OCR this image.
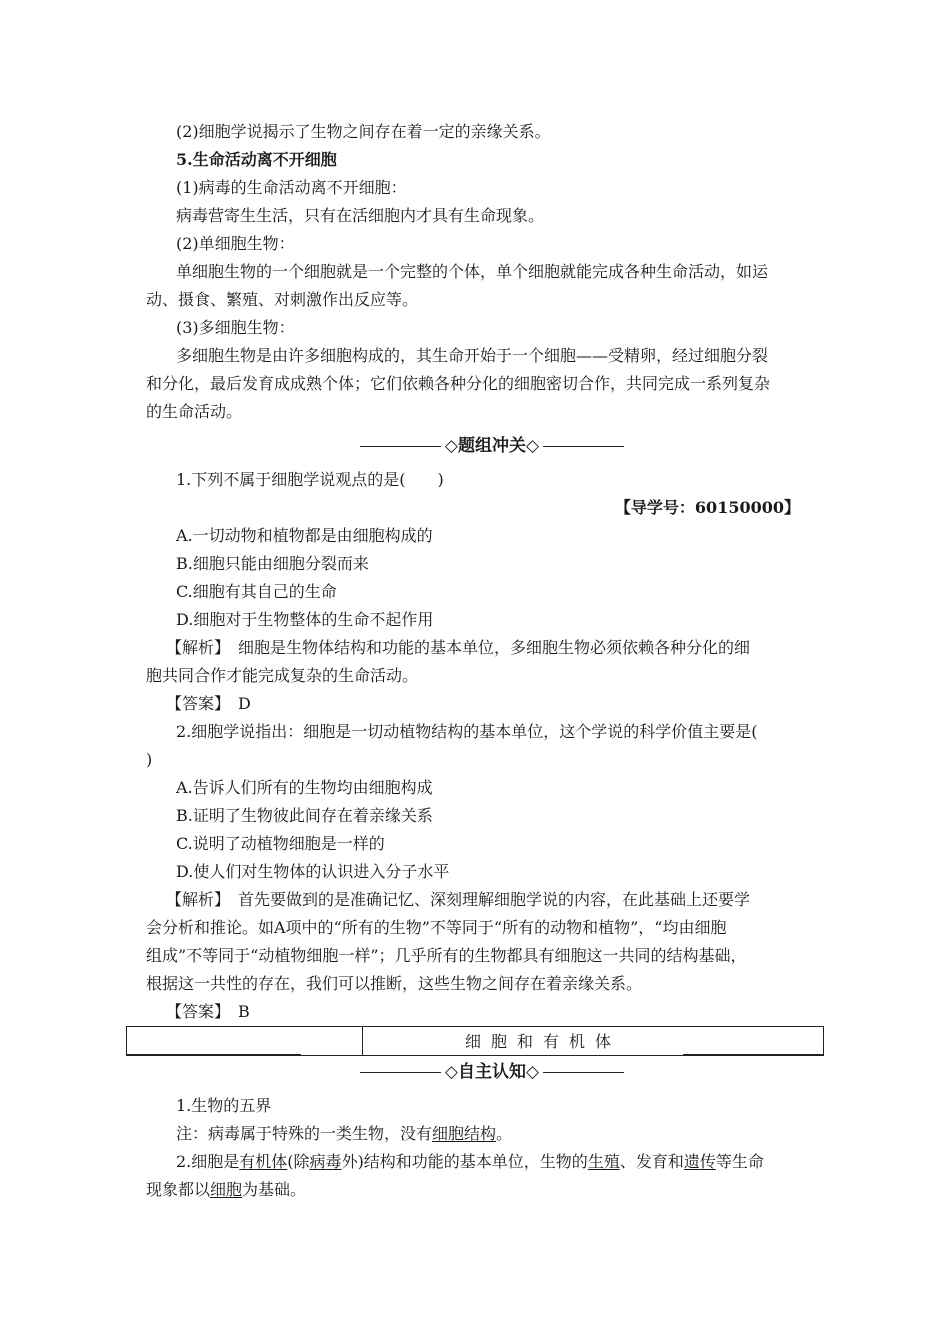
(2)细胞学说揭示了生物之间存在着一定的亲缘关系。
5.生命活动离不开细胞
(1)病毒的生命活动离不开细胞：
病毒营寄生生活，只有在活细胞内才具有生命现象。
(2)单细胞生物：
单细胞生物的一个细胞就是一个完整的个体，单个细胞就能完成各种生命活动，如运
动、摄食、繁殖、对刺激作出反应等。
(3)多细胞生物：
多细胞生物是由许多细胞构成的，其生命开始于一个细胞——受精卵，经过细胞分裂
和分化，最后发育成成熟个体；它们依赖各种分化的细胞密切合作，共同完成一系列复杂
的生命活动。
◇题组冲关◇
1.下列不属于细胞学说观点的是(　　)
【导学号：60150000】
A.一切动物和植物都是由细胞构成的
B.细胞只能由细胞分裂而来
C.细胞有其自己的生命
D.细胞对于生物整体的生命不起作用
【解析】　细胞是生物体结构和功能的基本单位，多细胞生物必须依赖各种分化的细
胞共同合作才能完成复杂的生命活动。
【答案】　D
2.细胞学说指出：细胞是一切动植物结构的基本单位，这个学说的科学价值主要是(
)
A.告诉人们所有的生物均由细胞构成
B.证明了生物彼此间存在着亲缘关系
C.说明了动植物细胞是一样的
D.使人们对生物体的认识进入分子水平
【解析】　首先要做到的是准确记忆、深刻理解细胞学说的内容，在此基础上还要学
会分析和推论。如A项中的“所有的生物”不等同于“所有的动物和植物”，“均由细胞
组成”不等同于“动植物细胞一样”；几乎所有的生物都具有细胞这一共同的结构基础，
根据这一共性的存在，我们可以推断，这些生物之间存在着亲缘关系。
【答案】　B
细胞和有机体
◇自主认知◇
1.生物的五界
注：病毒属于特殊的一类生物，没有细胞结构。
2.细胞是有机体(除病毒外)结构和功能的基本单位，生物的生殖、发育和遗传等生命
现象都以细胞为基础。
